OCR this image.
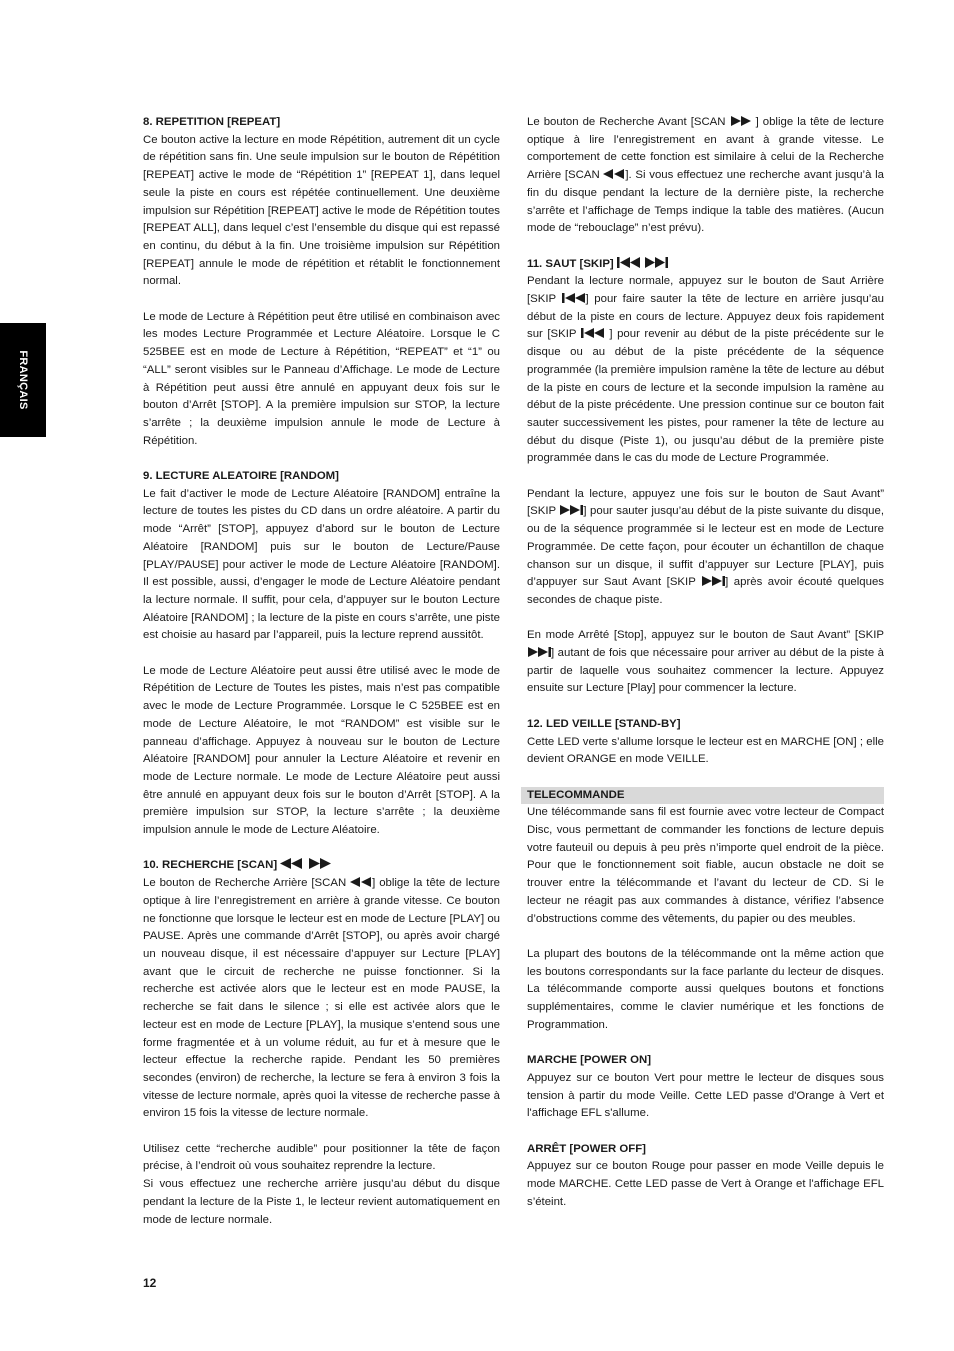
FRANÇAIS
8. REPETITION [REPEAT]

Ce bouton active la lecture en mode Répétition, autrement dit un cycle de répétition sans fin. Une seule impulsion sur le bouton de Répétition [REPEAT] active le mode de “Répétition 1” [REPEAT 1], dans lequel seule la piste en cours est répétée continuellement. Une deuxième impulsion sur Répétition [REPEAT] active le mode de Répétition toutes [REPEAT ALL], dans lequel c’est l’ensemble du disque qui est repassé en continu, du début à la fin. Une troisième impulsion sur Répétition [REPEAT] annule le mode de répétition et rétablit le fonctionnement normal.

Le mode de Lecture à Répétition peut être utilisé en combinaison avec les modes Lecture Programmée et Lecture Aléatoire. Lorsque le C 525BEE est en mode de Lecture à Répétition, “REPEAT” et “1” ou “ALL” seront visibles sur le Panneau d’Affichage. Le mode de Lecture à Répétition peut aussi être annulé en appuyant deux fois sur le bouton d’Arrêt [STOP]. A la première impulsion sur STOP, la lecture s’arrête ; la deuxième impulsion annule le mode de Lecture à Répétition.

9. LECTURE ALEATOIRE [RANDOM]

Le fait d’activer le mode de Lecture Aléatoire [RANDOM] entraîne la lecture de toutes les pistes du CD dans un ordre aléatoire. A partir du mode “Arrêt” [STOP], appuyez d’abord sur le bouton de Lecture Aléatoire [RANDOM] puis sur le bouton de Lecture/Pause [PLAY/PAUSE] pour activer le mode de Lecture Aléatoire [RANDOM]. Il est possible, aussi, d’engager le mode de Lecture Aléatoire pendant la lecture normale. Il suffit, pour cela, d’appuyer sur le bouton Lecture Aléatoire [RANDOM] ; la lecture de la piste en cours s’arrête, une piste est choisie au hasard par l’appareil, puis la lecture reprend aussitôt.

Le mode de Lecture Aléatoire peut aussi être utilisé avec le mode de Répétition de Lecture de Toutes les pistes, mais n’est pas compatible avec le mode de Lecture Programmée. Lorsque le C 525BEE est en mode de Lecture Aléatoire, le mot “RANDOM” est visible sur le panneau d’affichage. Appuyez à nouveau sur le bouton de Lecture Aléatoire [RANDOM] pour annuler la Lecture Aléatoire et revenir en mode de Lecture normale. Le mode de Lecture Aléatoire peut aussi être annulé en appuyant deux fois sur le bouton d’Arrêt [STOP]. A la première impulsion sur STOP, la lecture s’arrête ; la deuxième impulsion annule le mode de Lecture Aléatoire.

10. RECHERCHE [SCAN]

Le bouton de Recherche Arrière [SCAN ] oblige la tête de lecture optique à lire l’enregistrement en arrière à grande vitesse. Ce bouton ne fonctionne que lorsque le lecteur est en mode de Lecture [PLAY] ou PAUSE. Après une commande d’Arrêt [STOP], ou après avoir chargé un nouveau disque, il est nécessaire d’appuyer sur Lecture [PLAY] avant que le circuit de recherche ne puisse fonctionner. Si la recherche est activée alors que le lecteur est en mode PAUSE, la recherche se fait dans le silence ; si elle est activée alors que le lecteur est en mode de Lecture [PLAY], la musique s’entend sous une forme fragmentée et à un volume réduit, au fur et à mesure que le lecteur effectue la recherche rapide. Pendant les 50 premières secondes (environ) de recherche, la lecture se fera à environ 3 fois la vitesse de lecture normale, après quoi la vitesse de recherche passe à environ 15 fois la vitesse de lecture normale.

Utilisez cette “recherche audible” pour positionner la tête de façon précise, à l’endroit où vous souhaitez reprendre la lecture.

Si vous effectuez une recherche arrière jusqu’au début du disque pendant la lecture de la Piste 1, le lecteur revient automatiquement en mode de lecture normale.

Le bouton de Recherche Avant [SCAN  ] oblige la tête de lecture optique à lire l’enregistrement en avant à grande vitesse. Le comportement de cette fonction est similaire à celui de la Recherche Arrière [SCAN ]. Si vous effectuez une recherche avant jusqu’à la fin du disque pendant la lecture de la dernière piste, la recherche s’arrête et l’affichage de Temps indique la table des matières. (Aucun mode de “rebouclage” n’est prévu).

11. SAUT [SKIP]

Pendant la lecture normale, appuyez sur le bouton de Saut Arrière [SKIP ] pour faire sauter la tête de lecture en arrière jusqu’au début de la piste en cours de lecture. Appuyez deux fois rapidement sur [SKIP  ] pour revenir au début de la piste précédente sur le disque ou au début de la piste précédente de la séquence programmée (la première impulsion ramène la tête de lecture au début de la piste en cours de lecture et la seconde impulsion la ramène au début de la piste précédente. Une pression continue sur ce bouton fait sauter successivement les pistes, pour ramener la tête de lecture au début du disque (Piste 1), ou jusqu’au début de la première piste programmée dans le cas du mode de Lecture Programmée.

Pendant la lecture, appuyez une fois sur le bouton de Saut Avant” [SKIP ] pour sauter jusqu’au début de la piste suivante du disque, ou de la séquence programmée si le lecteur est en mode de Lecture Programmée. De cette façon, pour écouter un échantillon de chaque chanson sur un disque, il suffit d’appuyer sur Lecture [PLAY], puis d’appuyer sur Saut Avant [SKIP ] après avoir écouté quelques secondes de chaque piste.

En mode Arrêté [Stop], appuyez sur le bouton de Saut Avant” [SKIP ] autant de fois que nécessaire pour arriver au début de la piste à partir de laquelle vous souhaitez commencer la lecture. Appuyez ensuite sur Lecture [Play] pour commencer la lecture.

12. LED VEILLE [STAND-BY]

Cette LED verte s’allume lorsque le lecteur est en MARCHE [ON] ; elle devient ORANGE en mode VEILLE.

TELECOMMANDE

Une télécommande sans fil est fournie avec votre lecteur de Compact Disc, vous permettant de commander les fonctions de lecture depuis votre fauteuil ou depuis à peu près n’importe quel endroit de la pièce. Pour que le fonctionnement soit fiable, aucun obstacle ne doit se trouver entre la télécommande et l’avant du lecteur de CD. Si le lecteur ne réagit pas aux commandes à distance, vérifiez l’absence d’obstructions comme des vêtements, du papier ou des meubles.

La plupart des boutons de la télécommande ont la même action que les boutons correspondants sur la face parlante du lecteur de disques. La télécommande comporte aussi quelques boutons et fonctions supplémentaires, comme le clavier numérique et les fonctions de Programmation.

MARCHE [POWER ON]

Appuyez sur ce bouton Vert pour mettre le lecteur de disques sous tension à partir du mode Veille. Cette LED passe d'Orange à Vert et l'affichage EFL s'allume.

ARRÊT [POWER OFF]

Appuyez sur ce bouton Rouge pour passer en mode Veille depuis le mode MARCHE. Cette LED passe de Vert à Orange et l'affichage EFL s’éteint.

12
